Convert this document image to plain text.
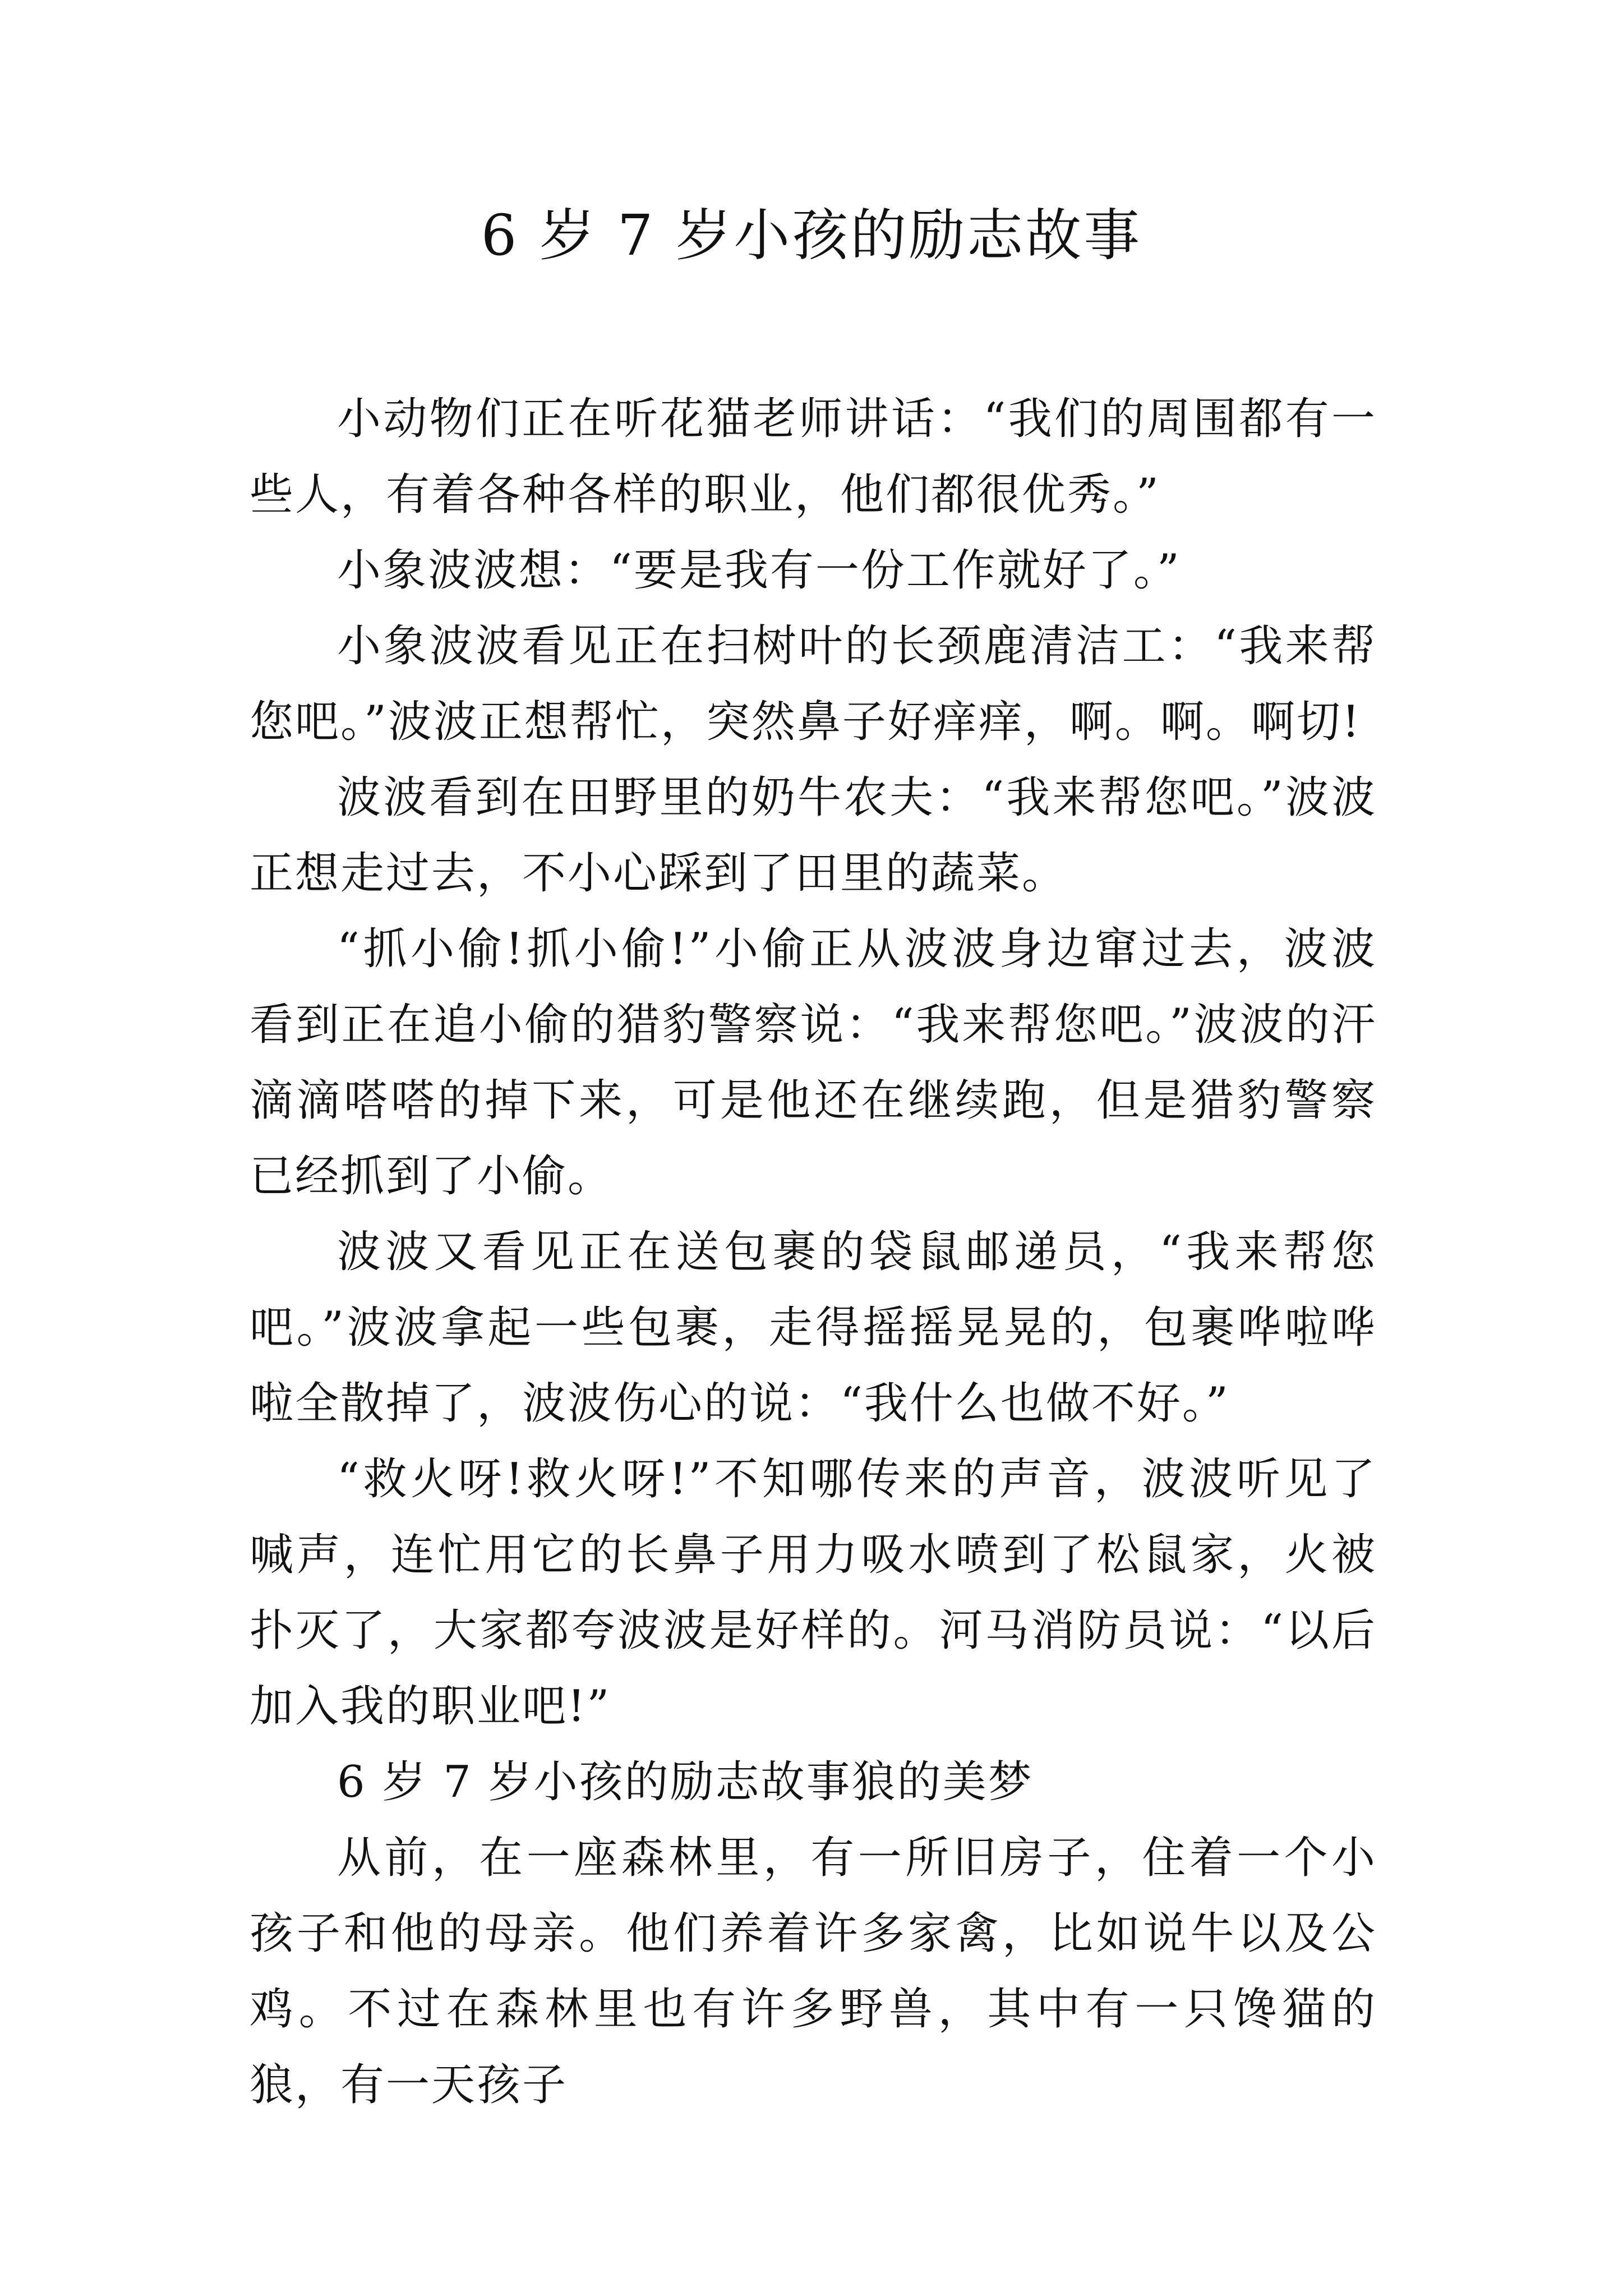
6 岁 7 岁小孩的励志故事

小动物们正在听花猫老师讲话：“我们的周围都有一些人，有着各种各样的职业，他们都很优秀。”

小象波波想：“要是我有一份工作就好了。”

小象波波看见正在扫树叶的长颈鹿清洁工：“我来帮您吧。”波波正想帮忙，突然鼻子好痒痒，啊。啊。啊切!

波波看到在田野里的奶牛农夫：“我来帮您吧。”波波正想走过去，不小心踩到了田里的蔬菜。

“抓小偷!抓小偷!”小偷正从波波身边窜过去，波波看到正在追小偷的猎豹警察说：“我来帮您吧。”波波的汗滴滴嗒嗒的掉下来，可是他还在继续跑，但是猎豹警察已经抓到了小偷。

波波又看见正在送包裹的袋鼠邮递员，“我来帮您吧。”波波拿起一些包裹，走得摇摇晃晃的，包裹哗啦哗啦全散掉了，波波伤心的说：“我什么也做不好。”

“救火呀!救火呀!”不知哪传来的声音，波波听见了喊声，连忙用它的长鼻子用力吸水喷到了松鼠家，火被扑灭了，大家都夸波波是好样的。河马消防员说：“以后加入我的职业吧!”

6 岁 7 岁小孩的励志故事狼的美梦

从前，在一座森林里，有一所旧房子，住着一个小孩子和他的母亲。他们养着许多家禽，比如说牛以及公鸡。不过在森林里也有许多野兽，其中有一只馋猫的狼，有一天孩子
